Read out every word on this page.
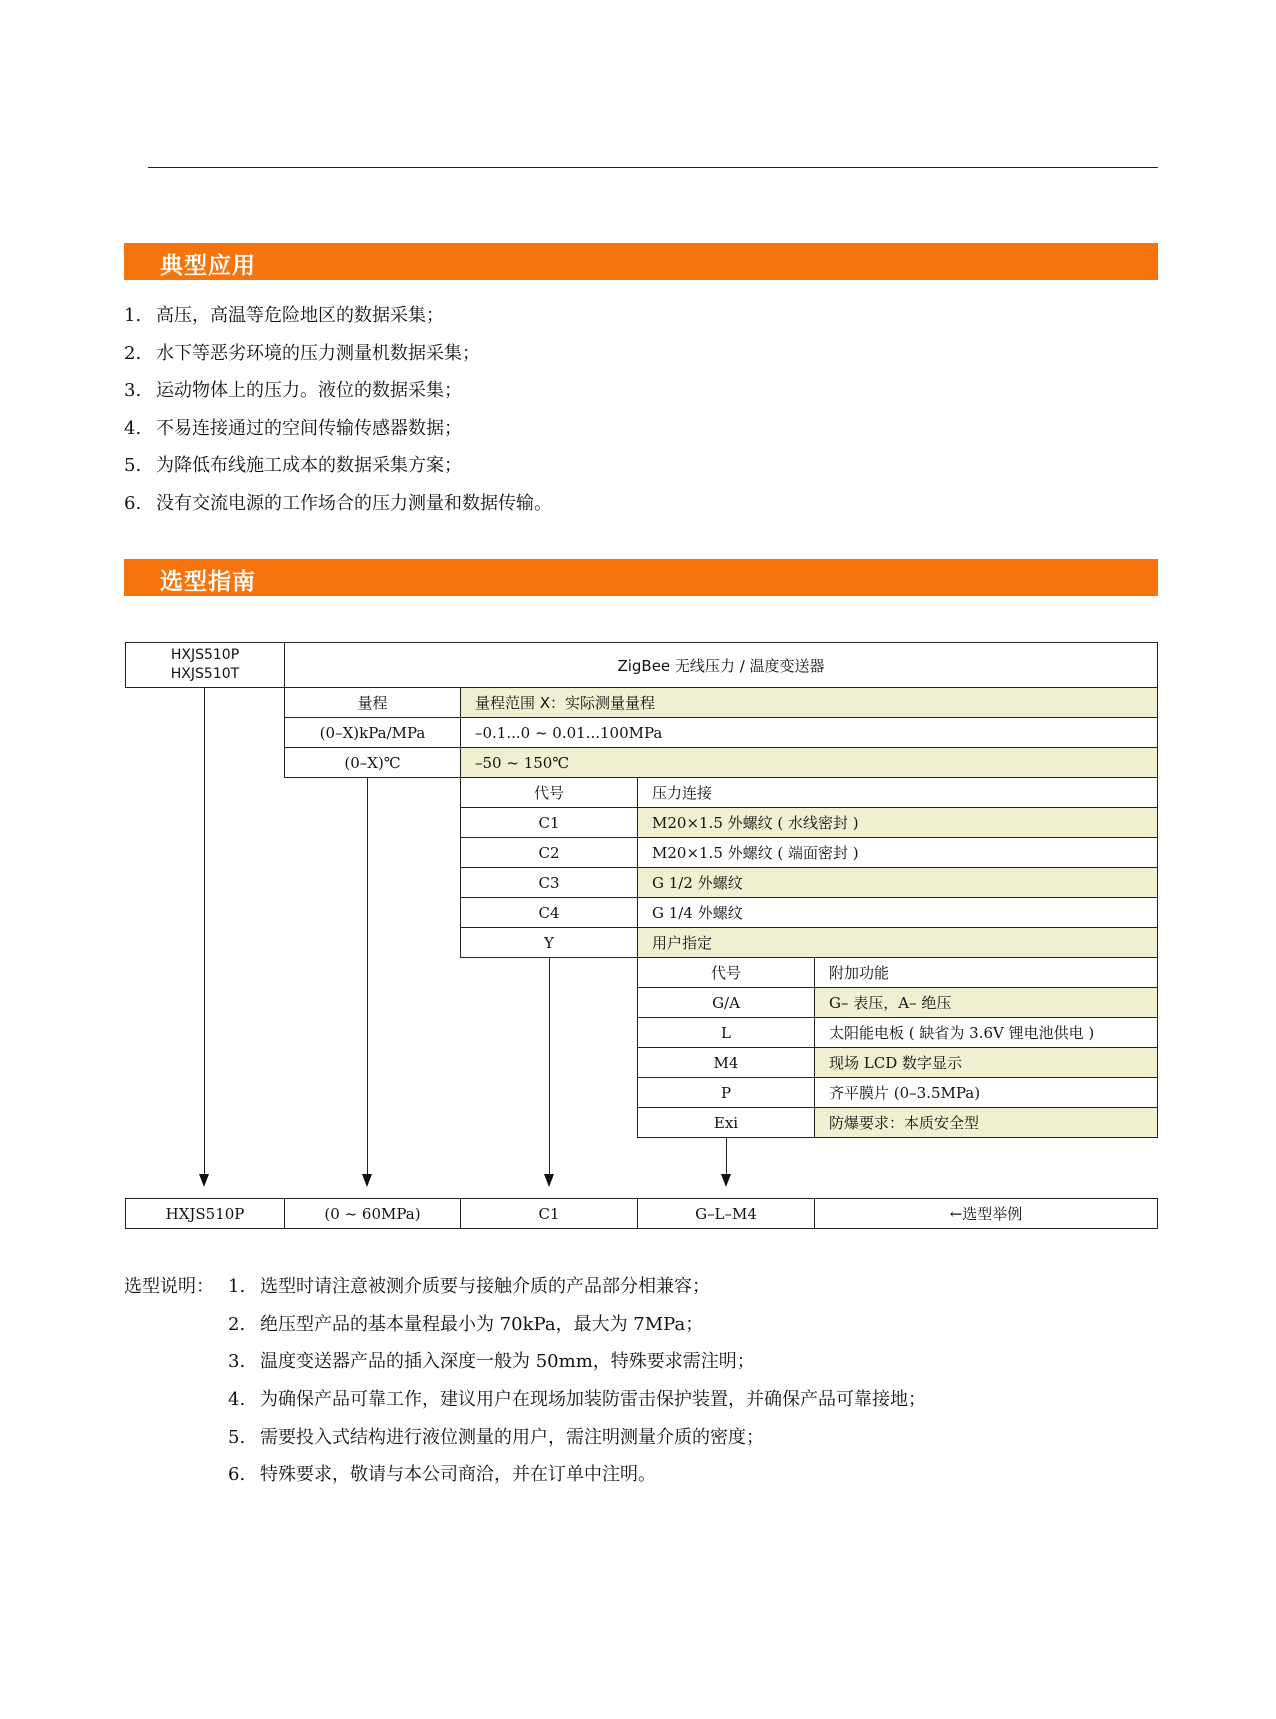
典型应用
1. 高压，高温等危险地区的数据采集；
2. 水下等恶劣环境的压力测量机数据采集；
3. 运动物体上的压力。液位的数据采集；
4. 不易连接通过的空间传输传感器数据；
5. 为降低布线施工成本的数据采集方案；
6. 没有交流电源的工作场合的压力测量和数据传输。
选型指南
HXJS510P
HXJS510T	ZigBee 无线压力 / 温度变送器
量程	量程范围 X：实际测量量程
(0–X)kPa/MPa	–0.1...0 ~ 0.01...100MPa
(0–X)℃	–50 ~ 150℃
代号	压力连接
C1	M20×1.5 外螺纹 ( 水线密封 )
C2	M20×1.5 外螺纹 ( 端面密封 )
C3	G 1/2 外螺纹
C4	G 1/4 外螺纹
Y	用户指定
代号	附加功能
G/A	G– 表压，A– 绝压
L	太阳能电板 ( 缺省为 3.6V 锂电池供电 )
M4	现场 LCD 数字显示
P	齐平膜片 (0–3.5MPa)
Exi	防爆要求：本质安全型
HXJS510P	(0 ~ 60MPa)	C1	G–L–M4	←选型举例
选型说明： 1. 选型时请注意被测介质要与接触介质的产品部分相兼容；
2. 绝压型产品的基本量程最小为 70kPa，最大为 7MPa；
3. 温度变送器产品的插入深度一般为 50mm，特殊要求需注明；
4. 为确保产品可靠工作，建议用户在现场加装防雷击保护装置，并确保产品可靠接地；
5. 需要投入式结构进行液位测量的用户，需注明测量介质的密度；
6. 特殊要求，敬请与本公司商洽，并在订单中注明。
